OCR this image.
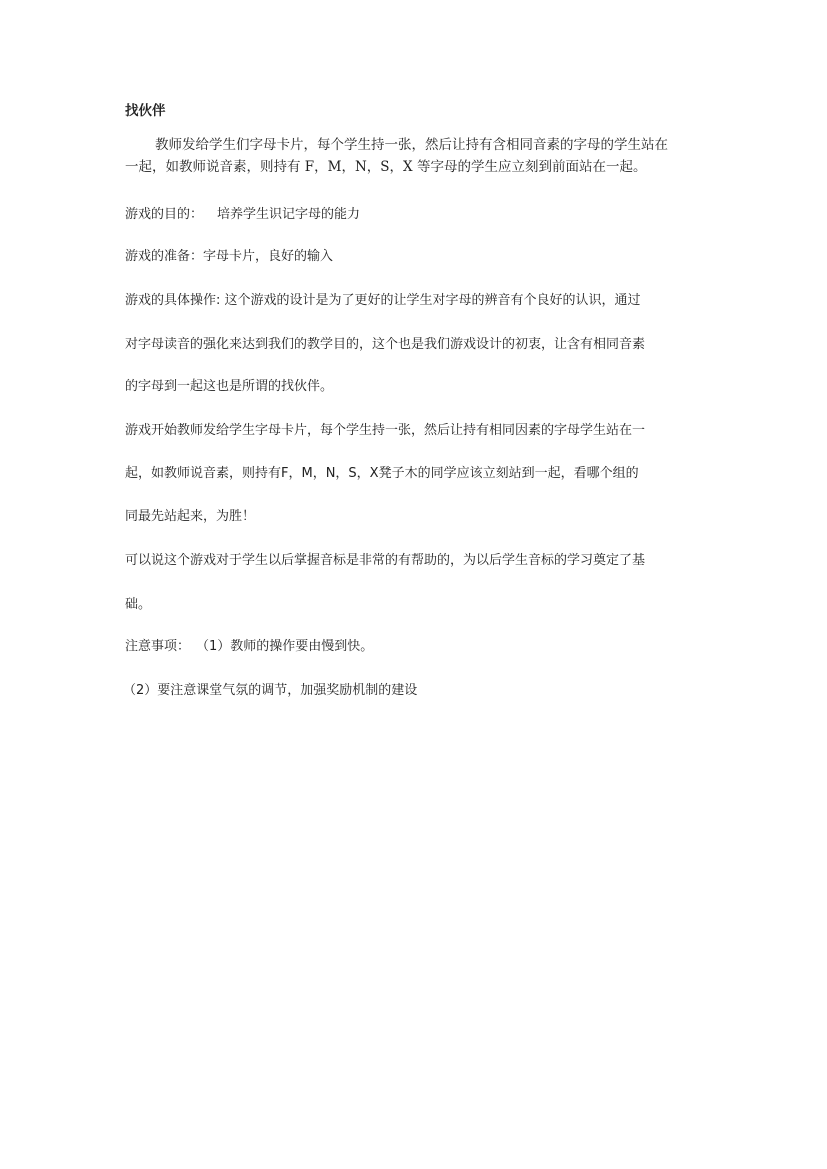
找伙伴
教师发给学生们字母卡片，每个学生持一张，然后让持有含相同音素的字母的学生站在
一起，如教师说音素，则持有 F，M，N，S，X 等字母的学生应立刻到前面站在一起。
游戏的目的： 培养学生识记字母的能力
游戏的准备：字母卡片，良好的输入
游戏的具体操作: 这个游戏的设计是为了更好的让学生对字母的辨音有个良好的认识，通过
对字母读音的强化来达到我们的教学目的，这个也是我们游戏设计的初衷，让含有相同音素
的字母到一起这也是所谓的找伙伴。
游戏开始教师发给学生字母卡片，每个学生持一张，然后让持有相同因素的字母学生站在一
起，如教师说音素，则持有F，M，N，S，X凳子木的同学应该立刻站到一起，看哪个组的
同最先站起来，为胜！
可以说这个游戏对于学生以后掌握音标是非常的有帮助的，为以后学生音标的学习奠定了基
础。
注意事项： （1）教师的操作要由慢到快。
（2）要注意课堂气氛的调节，加强奖励机制的建设
